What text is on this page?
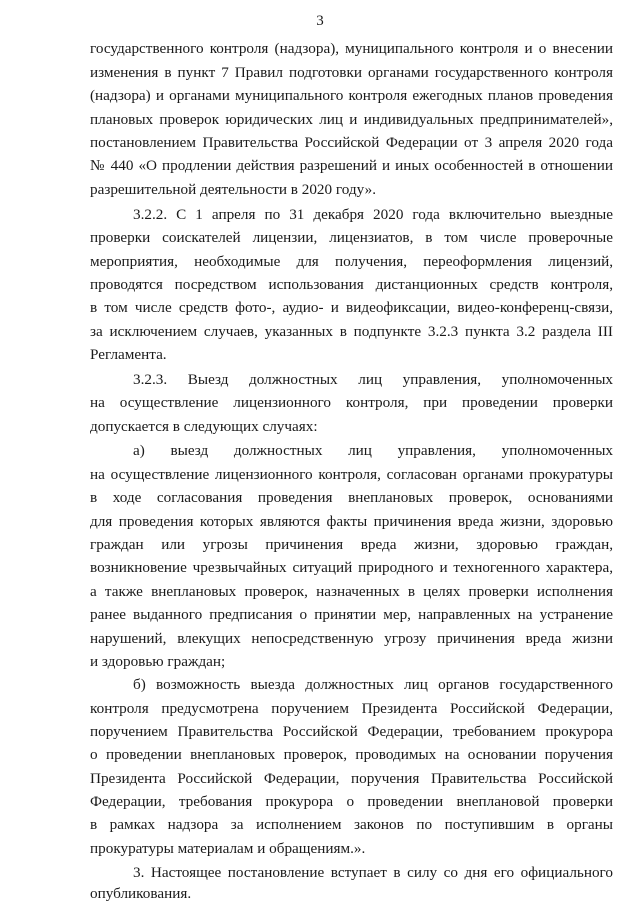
3
государственного контроля (надзора), муниципального контроля и о внесении
изменения в пункт 7 Правил подготовки органами государственного контроля
(надзора) и органами муниципального контроля ежегодных планов проведения
плановых проверок юридических лиц и индивидуальных предпринимателей»,
постановлением Правительства Российской Федерации от 3 апреля 2020 года
№ 440 «О продлении действия разрешений и иных особенностей в отношении
разрешительной деятельности в 2020 году».
3.2.2. С 1 апреля по 31 декабря 2020 года включительно выездные
проверки соискателей лицензии, лицензиатов, в том числе проверочные
мероприятия, необходимые для получения, переоформления лицензий,
проводятся посредством использования дистанционных средств контроля,
в том числе средств фото-, аудио- и видеофиксации, видео-конференц-связи,
за исключением случаев, указанных в подпункте 3.2.3 пункта 3.2 раздела III
Регламента.
3.2.3. Выезд должностных лиц управления, уполномоченных
на осуществление лицензионного контроля, при проведении проверки
допускается в следующих случаях:
а) выезд должностных лиц управления, уполномоченных
на осуществление лицензионного контроля, согласован органами прокуратуры
в ходе согласования проведения внеплановых проверок, основаниями
для проведения которых являются факты причинения вреда жизни, здоровью
граждан или угрозы причинения вреда жизни, здоровью граждан,
возникновение чрезвычайных ситуаций природного и техногенного характера,
а также внеплановых проверок, назначенных в целях проверки исполнения
ранее выданного предписания о принятии мер, направленных на устранение
нарушений, влекущих непосредственную угрозу причинения вреда жизни
и здоровью граждан;
б) возможность выезда должностных лиц органов государственного
контроля предусмотрена поручением Президента Российской Федерации,
поручением Правительства Российской Федерации, требованием прокурора
о проведении внеплановых проверок, проводимых на основании поручения
Президента Российской Федерации, поручения Правительства Российской
Федерации, требования прокурора о проведении внеплановой проверки
в рамках надзора за исполнением законов по поступившим в органы
прокуратуры материалам и обращениям.».
3. Настоящее постановление вступает в силу со дня его официального
опубликования.
